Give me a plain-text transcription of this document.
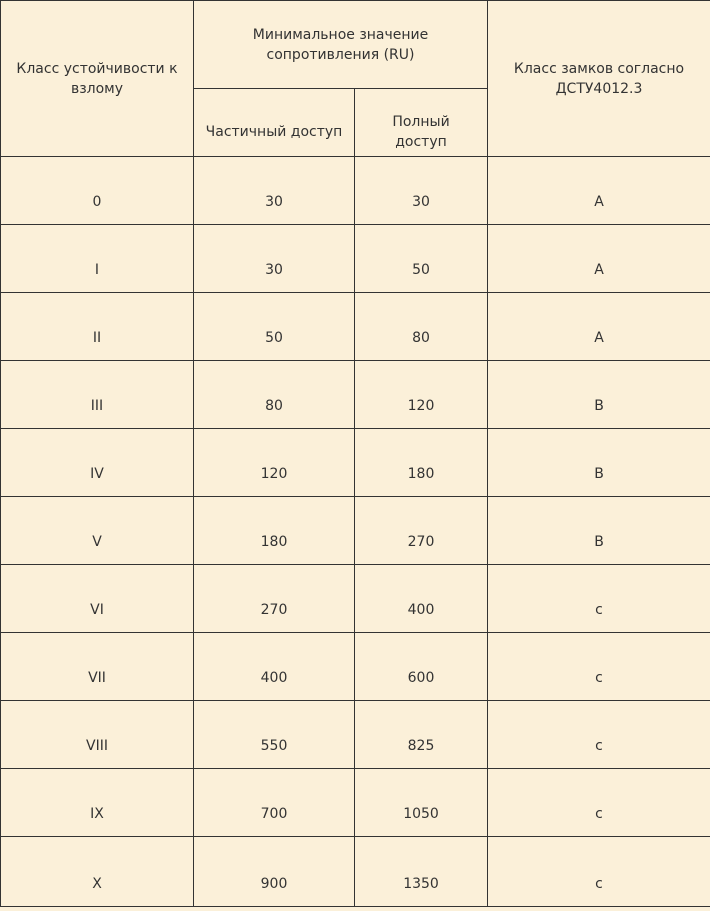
Класс устойчивости к взлому	Минимальное значение сопротивления (RU)		Класс замков согласно ДСТУ4012.3
	Частичный доступ	Полный доступ	
0	30	30	A
I	30	50	A
II	50	80	A
III	80	120	B
IV	120	180	B
V	180	270	B
VI	270	400	c
VII	400	600	c
VIII	550	825	c
IX	700	1050	c
X	900	1350	c
